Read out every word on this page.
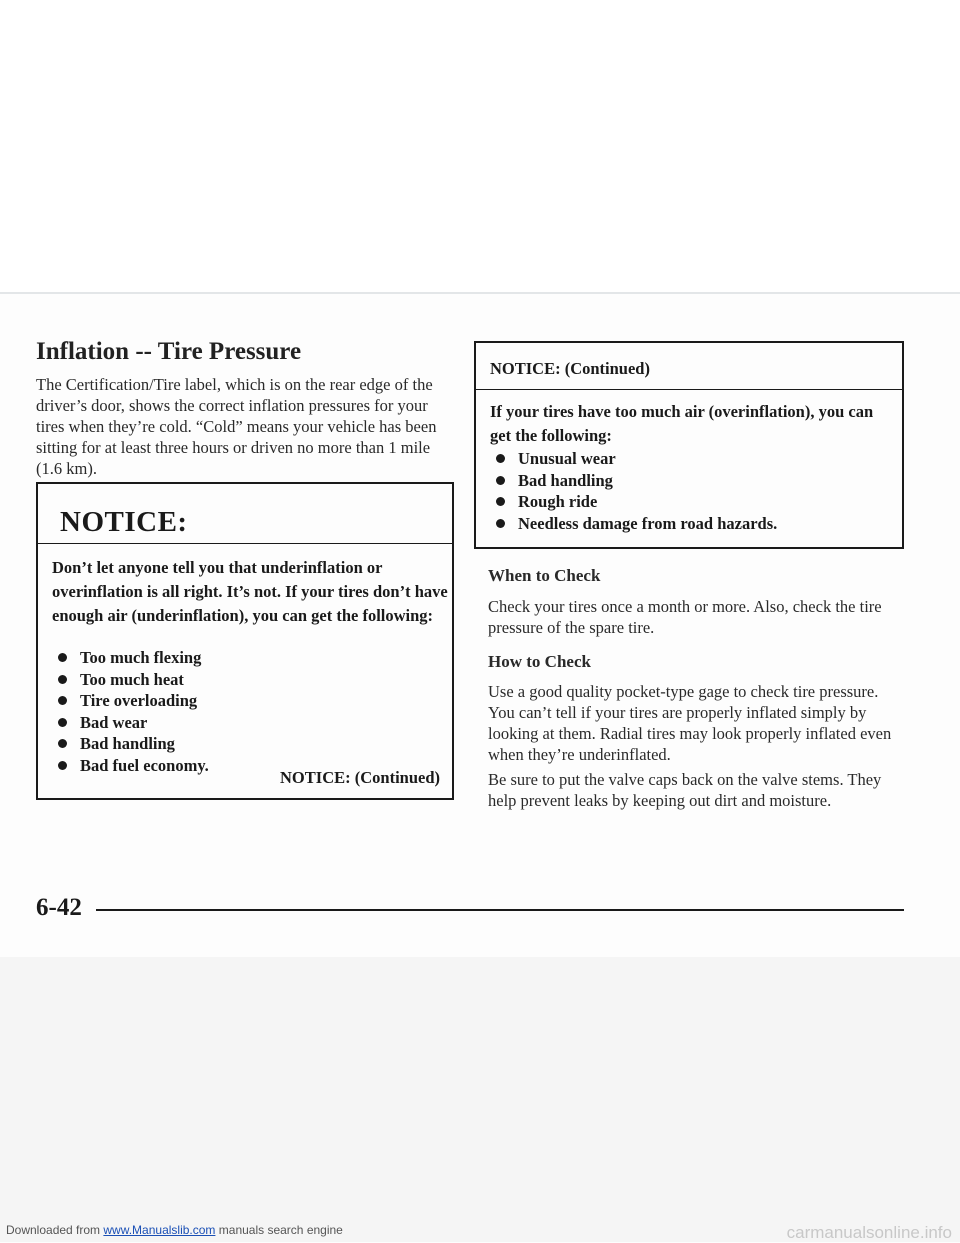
Inflation -- Tire Pressure

The Certification/Tire label, which is on the rear edge of the driver’s door, shows the correct inflation pressures for your tires when they’re cold. “Cold” means your vehicle has been sitting for at least three hours or driven no more than 1 mile (1.6 km).

NOTICE:

Don’t let anyone tell you that underinflation or overinflation is all right. It’s not. If your tires don’t have enough air (underinflation), you can get the following:

Too much flexing
Too much heat
Tire overloading
Bad wear
Bad handling
Bad fuel economy.

NOTICE: (Continued)

NOTICE: (Continued)

If your tires have too much air (overinflation), you can get the following:

Unusual wear
Bad handling
Rough ride
Needless damage from road hazards.
When to Check

Check your tires once a month or more. Also, check the tire pressure of the spare tire.

How to Check

Use a good quality pocket-type gage to check tire pressure. You can’t tell if your tires are properly inflated simply by looking at them. Radial tires may look properly inflated even when they’re underinflated.

Be sure to put the valve caps back on the valve stems. They help prevent leaks by keeping out dirt and moisture.

6-42

Downloaded from www.Manualslib.com manuals search engine	carmanualsonline.info
